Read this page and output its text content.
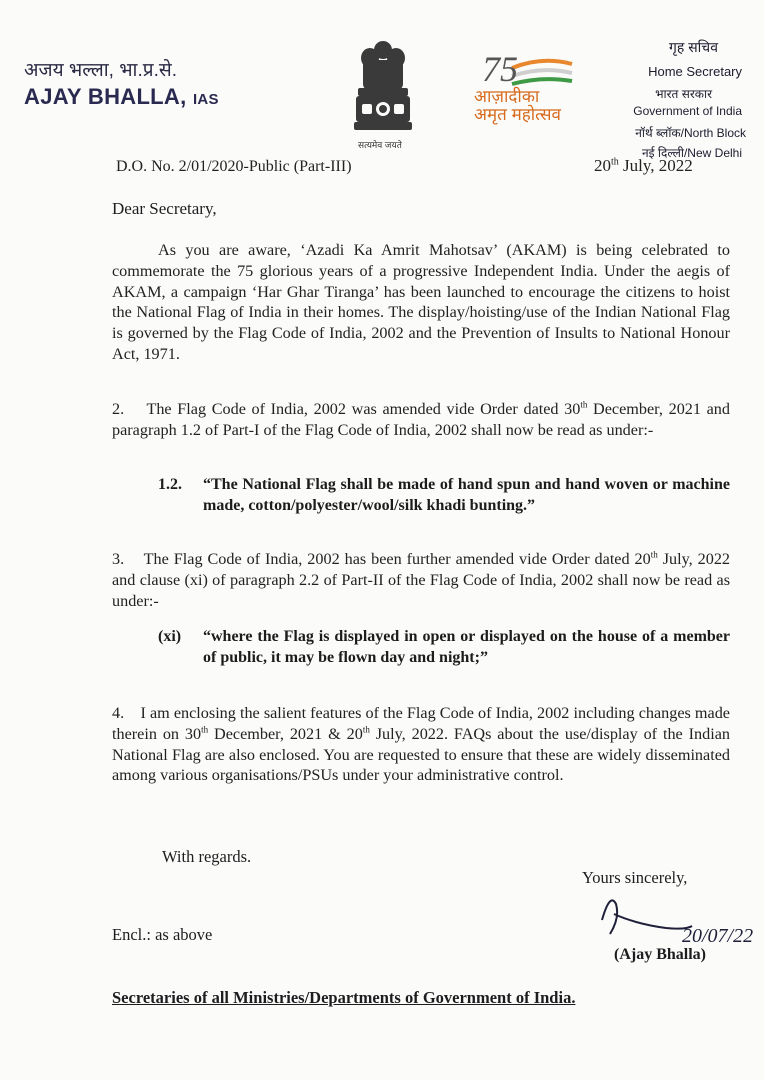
अजय भल्ला, भा.प्र.से.
AJAY BHALLA, IAS
सत्यमेव जयते
75
आज़ादीका
अमृत महोत्सव
गृह सचिव
Home Secretary
भारत सरकार
Government of India
नॉर्थ ब्लॉक/North Block
नई दिल्ली/New Delhi
D.O. No. 2/01/2020-Public (Part-III)	20th July, 2022
Dear Secretary,
As you are aware, ‘Azadi Ka Amrit Mahotsav’ (AKAM) is being celebrated to commemorate the 75 glorious years of a progressive Independent India. Under the aegis of AKAM, a campaign ‘Har Ghar Tiranga’ has been launched to encourage the citizens to hoist the National Flag of India in their homes. The display/hoisting/use of the Indian National Flag is governed by the Flag Code of India, 2002 and the Prevention of Insults to National Honour Act, 1971.
2.    The Flag Code of India, 2002 was amended vide Order dated 30th December, 2021 and paragraph 1.2 of Part-I of the Flag Code of India, 2002 shall now be read as under:-
1.2. “The National Flag shall be made of hand spun and hand woven or machine made, cotton/polyester/wool/silk khadi bunting.”
3.    The Flag Code of India, 2002 has been further amended vide Order dated 20th July, 2022 and clause (xi) of paragraph 2.2 of Part-II of the Flag Code of India, 2002 shall now be read as under:-
(xi) “where the Flag is displayed in open or displayed on the house of a member of public, it may be flown day and night;”
4.    I am enclosing the salient features of the Flag Code of India, 2002 including changes made therein on 30th December, 2021 & 20th July, 2022. FAQs about the use/display of the Indian National Flag are also enclosed. You are requested to ensure that these are widely disseminated among various organisations/PSUs under your administrative control.
With regards.
Yours sincerely,
Encl.: as above	20/07/22
(Ajay Bhalla)
Secretaries of all Ministries/Departments of Government of India.
